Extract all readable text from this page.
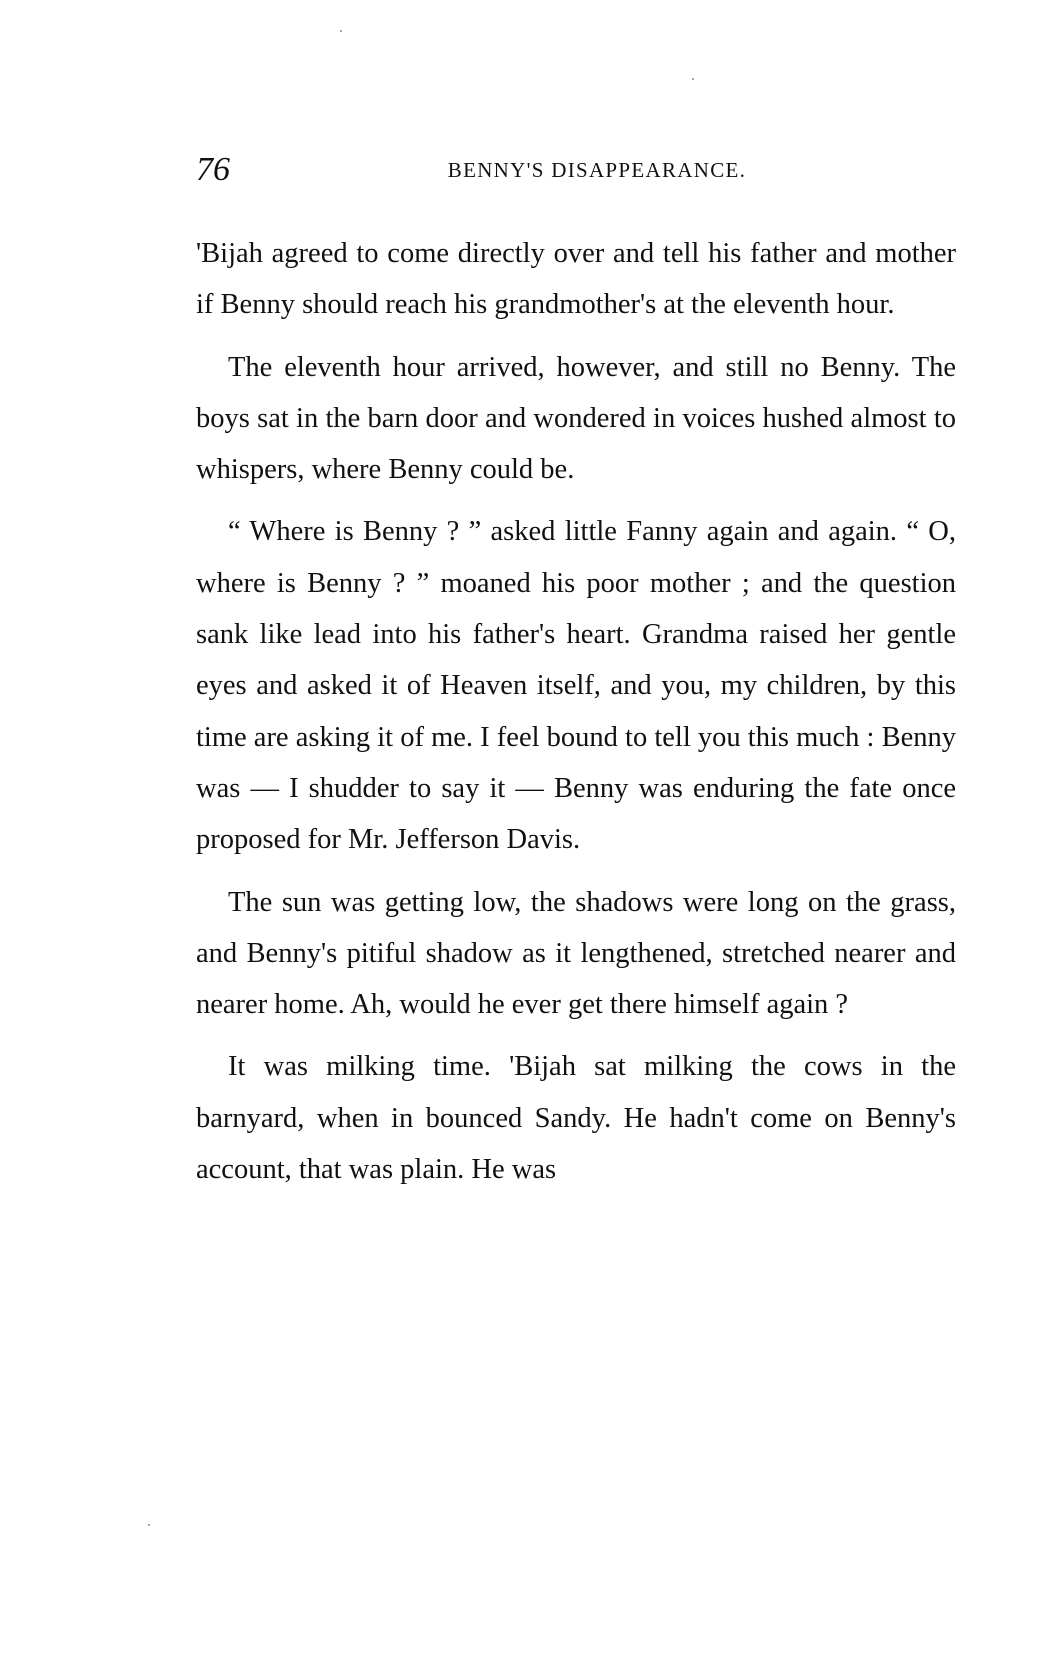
76	BENNY'S DISAPPEARANCE.

'Bijah agreed to come directly over and tell his father and mother if Benny should reach his grandmother's at the eleventh hour.

The eleventh hour arrived, however, and still no Benny. The boys sat in the barn door and wondered in voices hushed almost to whispers, where Benny could be.

“ Where is Benny ? ” asked little Fanny again and again. “ O, where is Benny ? ” moaned his poor mother ; and the question sank like lead into his father's heart. Grandma raised her gentle eyes and asked it of Heaven itself, and you, my children, by this time are asking it of me. I feel bound to tell you this much : Benny was — I shudder to say it — Benny was enduring the fate once proposed for Mr. Jefferson Davis.

The sun was getting low, the shadows were long on the grass, and Benny's pitiful shadow as it lengthened, stretched nearer and nearer home. Ah, would he ever get there himself again ?

It was milking time. 'Bijah sat milking the cows in the barnyard, when in bounced Sandy. He hadn't come on Benny's account, that was plain. He was
